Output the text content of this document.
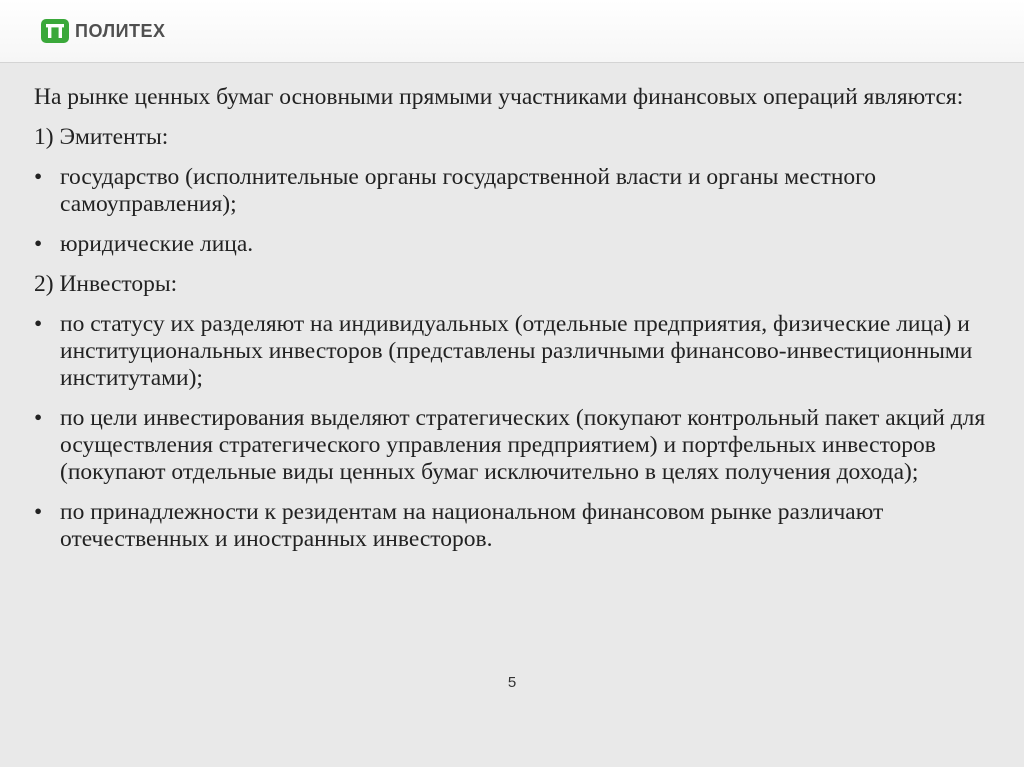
ПОЛИТЕХ

На рынке ценных бумаг основными прямыми участниками финансовых операций являются:

1) Эмитенты:

• государство (исполнительные органы государственной власти и органы местного самоуправления);
• юридические лица.

2) Инвесторы:

• по статусу их разделяют на индивидуальных (отдельные предприятия, физические лица) и институциональных инвесторов (представлены различными финансово-инвестиционными институтами);
• по цели инвестирования выделяют стратегических (покупают контрольный пакет акций для осуществления стратегического управления предприятием) и портфельных инвесторов (покупают отдельные виды ценных бумаг исключительно в целях получения дохода);
• по принадлежности к резидентам на национальном финансовом рынке различают отечественных и иностранных инвесторов.
5
